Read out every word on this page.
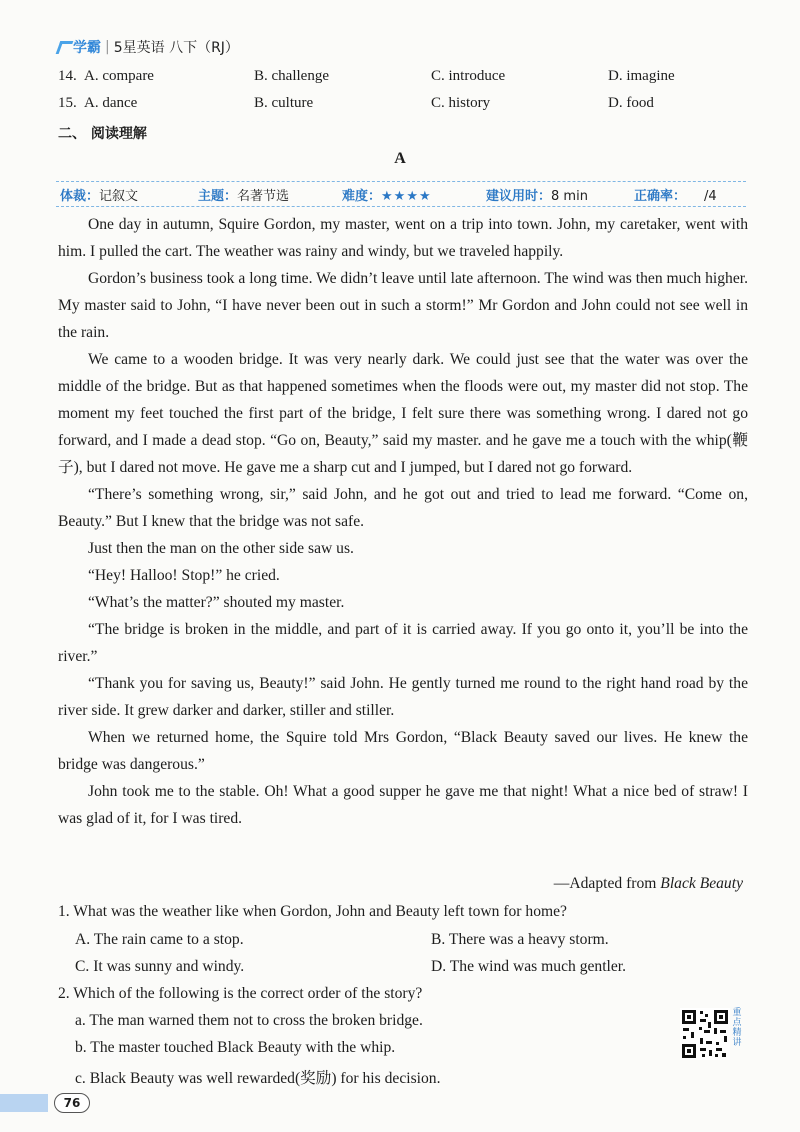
学霸 | 5星英语 八下（RJ）
14. A. compare	B. challenge	C. introduce	D. imagine
15. A. dance	B. culture	C. history	D. food
二、 阅读理解
A
体裁：记叙文	主题：名著节选	难度：★★★★	建议用时：8 min	正确率： /4

One day in autumn, Squire Gordon, my master, went on a trip into town. John, my caretaker, went with him. I pulled the cart. The weather was rainy and windy, but we traveled happily.

Gordon’s business took a long time. We didn’t leave until late afternoon. The wind was then much higher. My master said to John, “I have never been out in such a storm!” Mr Gordon and John could not see well in the rain.

We came to a wooden bridge. It was very nearly dark. We could just see that the water was over the middle of the bridge. But as that happened sometimes when the floods were out, my master did not stop. The moment my feet touched the first part of the bridge, I felt sure there was something wrong. I dared not go forward, and I made a dead stop. “Go on, Beauty,” said my master. and he gave me a touch with the whip(鞭子), but I dared not move. He gave me a sharp cut and I jumped, but I dared not go forward.

“There’s something wrong, sir,” said John, and he got out and tried to lead me forward. “Come on, Beauty.” But I knew that the bridge was not safe.

Just then the man on the other side saw us.

“Hey! Halloo! Stop!” he cried.

“What’s the matter?” shouted my master.

“The bridge is broken in the middle, and part of it is carried away. If you go onto it, you’ll be into the river.”

“Thank you for saving us, Beauty!” said John. He gently turned me round to the right hand road by the river side. It grew darker and darker, stiller and stiller.

When we returned home, the Squire told Mrs Gordon, “Black Beauty saved our lives. He knew the bridge was dangerous.”

John took me to the stable. Oh! What a good supper he gave me that night! What a nice bed of straw! I was glad of it, for I was tired.

—Adapted from Black Beauty
1. What was the weather like when Gordon, John and Beauty left town for home?
A. The rain came to a stop.	B. There was a heavy storm.
C. It was sunny and windy.	D. The wind was much gentler.
2. Which of the following is the correct order of the story?
a. The man warned them not to cross the broken bridge.
b. The master touched Black Beauty with the whip.
c. Black Beauty was well rewarded(奖励) for his decision.
重点精讲
76
